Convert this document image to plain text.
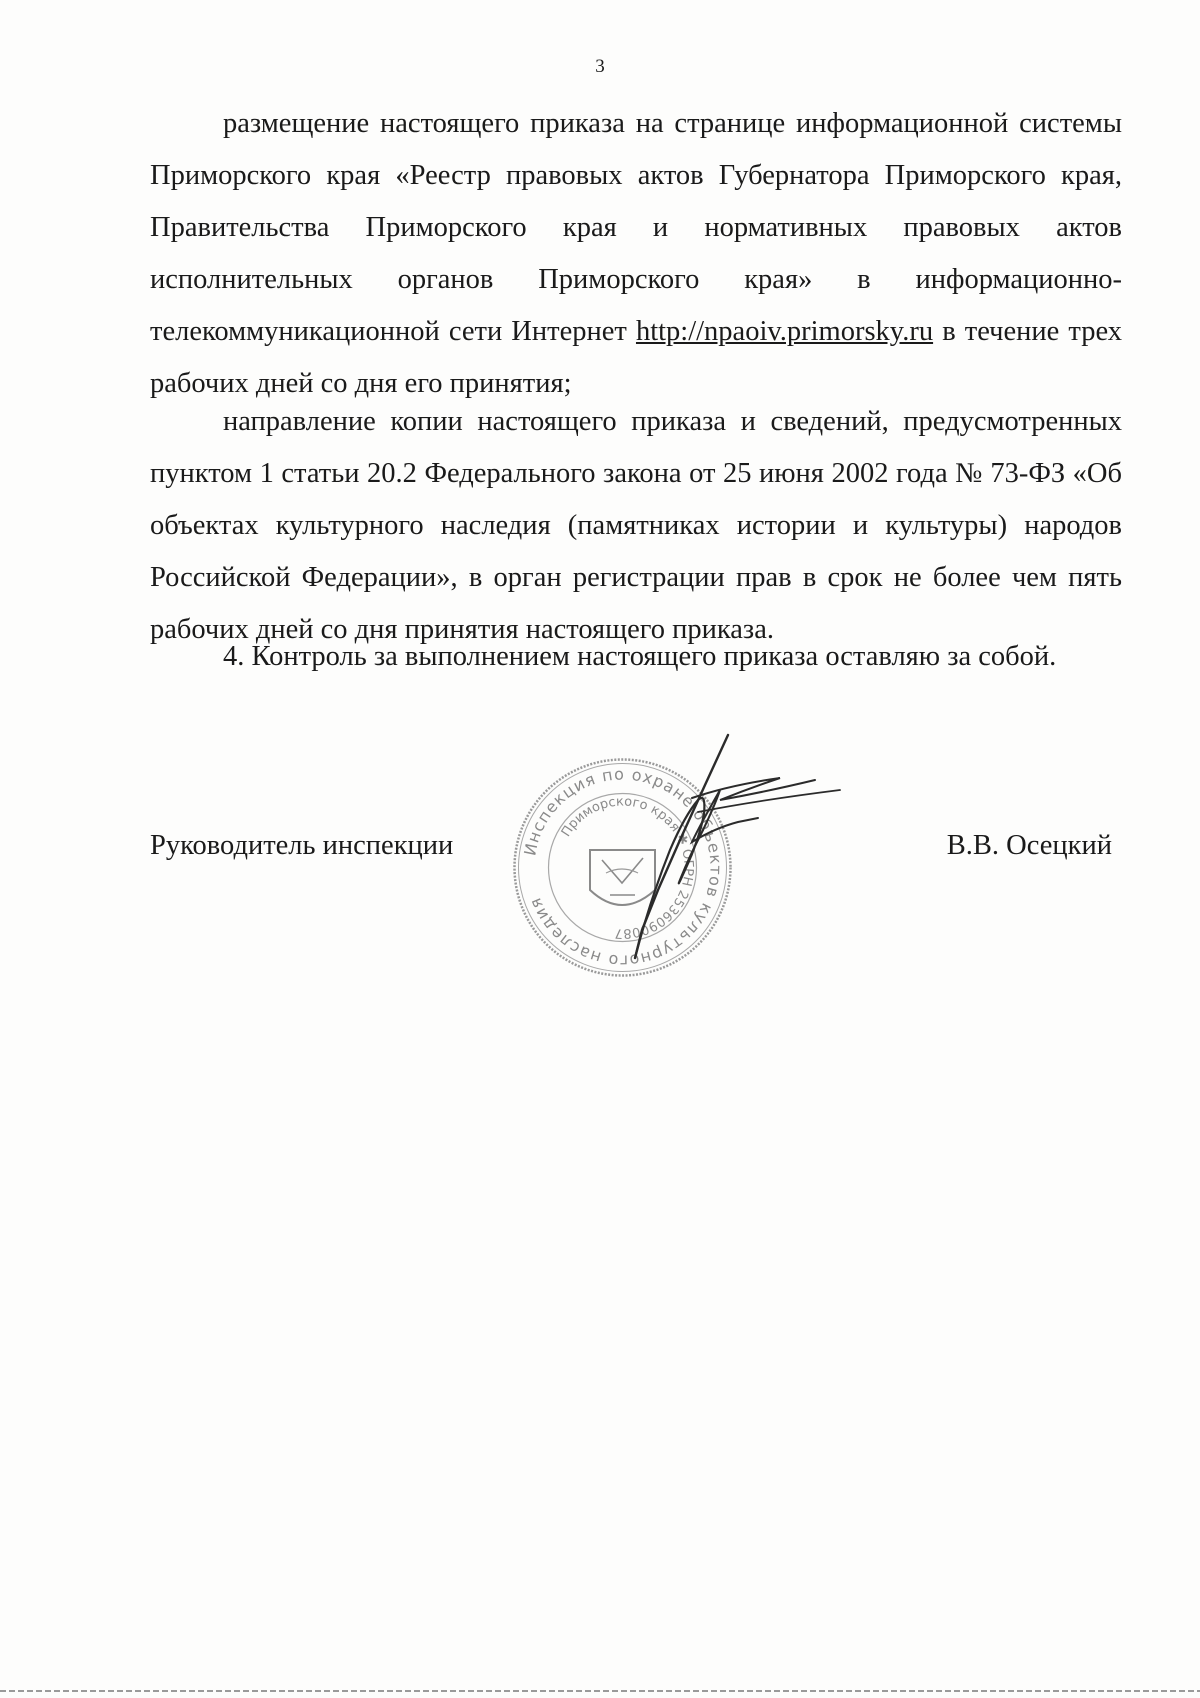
3
размещение настоящего приказа на странице информационной системы
Приморского края «Реестр правовых актов Губернатора Приморского края,
Правительства Приморского края и нормативных правовых актов
исполнительных органов Приморского края» в информационно-
телекоммуникационной сети Интернет http://npaoiv.primorsky.ru в течение трех
рабочих дней со дня его принятия;

направление копии настоящего приказа и сведений, предусмотренных пунктом 1 статьи 20.2 Федерального закона от 25 июня 2002 года № 73-ФЗ «Об объектах культурного наследия (памятниках истории и культуры) народов Российской Федерации», в орган регистрации прав в срок не более чем пять рабочих дней со дня принятия настоящего приказа.

4. Контроль за выполнением настоящего приказа оставляю за собой.

Руководитель инспекции	В.В. Осецкий
Инспекция по охране объектов культурного наследия
Приморского края ✱ ОГРН 2536090087
